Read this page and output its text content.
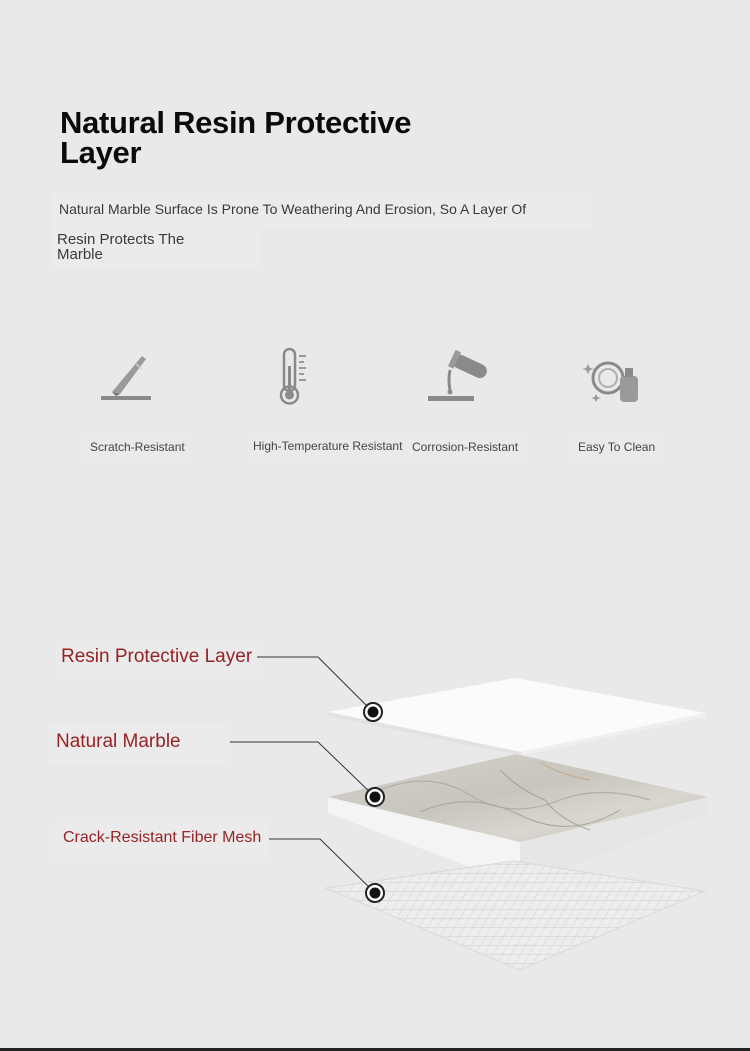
Natural Resin Protective
Layer
Natural Marble Surface Is Prone To Weathering And Erosion, So A Layer Of
Resin Protects The
Marble
Scratch-Resistant	High-Temperature Resistant Corrosion-Resistant	Easy To Clean
Resin Protective Layer
Natural Marble
Crack-Resistant Fiber Mesh
